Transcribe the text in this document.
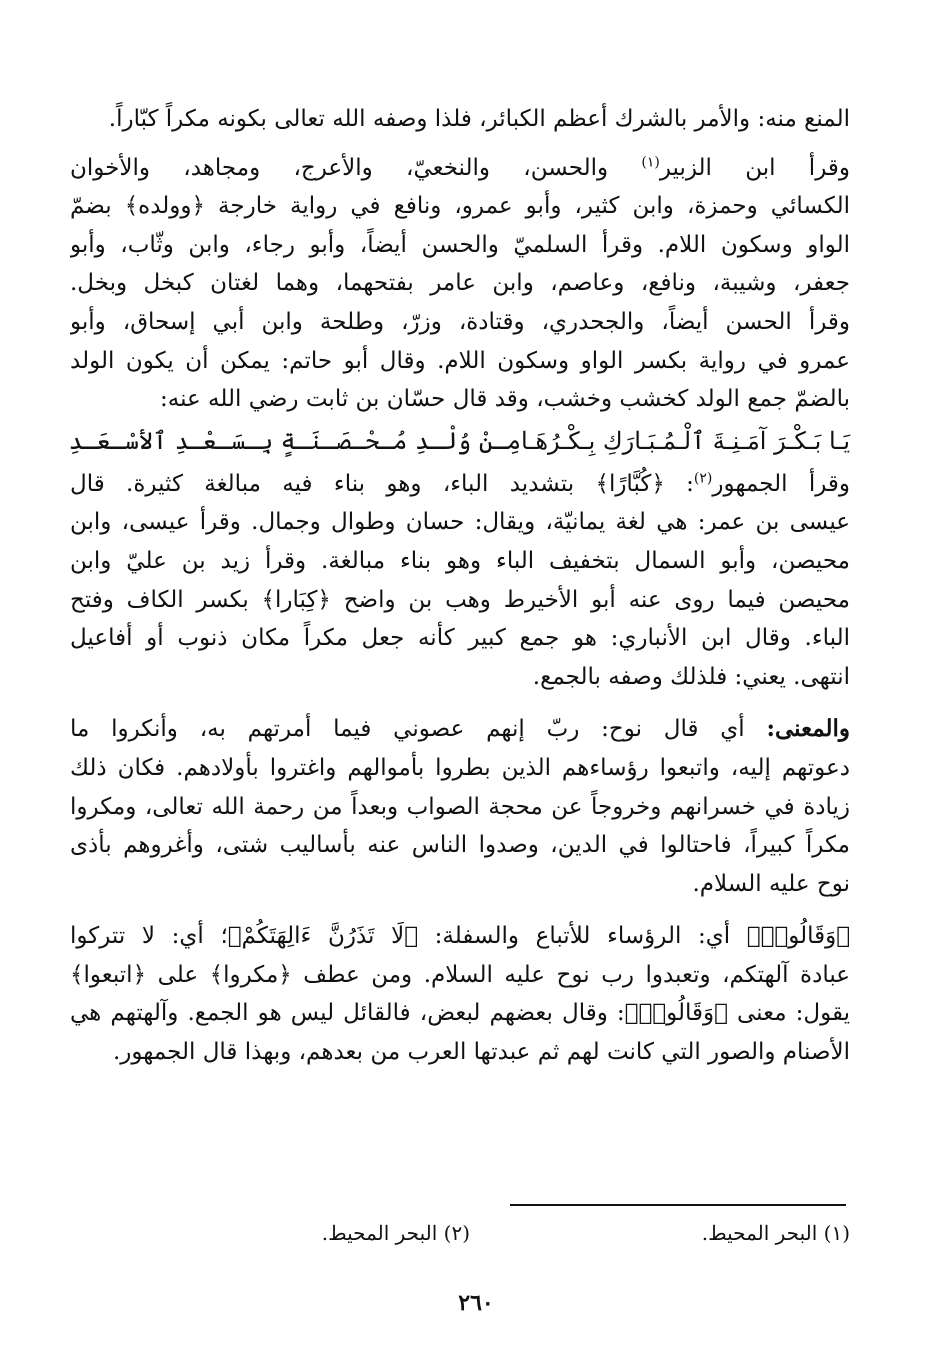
المنع منه: والأمر بالشرك أعظم الكبائر، فلذا وصفه الله تعالى بكونه مكراً كبّاراً.

وقرأ ابن الزبير$^{(١)}$ والحسن، والنخعيّ، والأعرج، ومجاهد، والأخوان
الكسائي وحمزة، وابن كثير، وأبو عمرو، ونافع في رواية خارجة ﴿وولده﴾ بضمّ
الواو وسكون اللام. وقرأ السلميّ والحسن أيضاً، وأبو رجاء، وابن وثّاب، وأبو
جعفر، وشيبة، ونافع، وعاصم، وابن عامر بفتحهما، وهما لغتان كبخل وبخل.
وقرأ الحسن أيضاً، والجحدري، وقتادة، وزرّ، وطلحة وابن أبي إسحاق، وأبو
عمرو في رواية بكسر الواو وسكون اللام. وقال أبو حاتم: يمكن أن يكون الولد
بالضمّ جمع الولد كخشب وخشب، وقد قال حسّان بن ثابت رضي الله عنه:

يَـا بَـكْـرَ آمَـنِـةَ ٱلْـمُـبَـارَكِ بِـكْـرُهَـا
مِـنْ وُلْـدِ مُـحْـصَـنَـةٍ بِـسَـعْـدِ ٱلأسْـعَـدِ

وقرأ الجمهور$^{(٢)}$: ﴿كُبَّارًا﴾ بتشديد الباء، وهو بناء فيه مبالغة كثيرة. قال
عيسى بن عمر: هي لغة يمانيّة، ويقال: حسان وطوال وجمال. وقرأ عيسى، وابن
محيصن، وأبو السمال بتخفيف الباء وهو بناء مبالغة. وقرأ زيد بن عليّ وابن
محيصن فيما روى عنه أبو الأخيرط وهب بن واضح ﴿كِبَارا﴾ بكسر الكاف وفتح
الباء. وقال ابن الأنباري: هو جمع كبير كأنه جعل مكراً مكان ذنوب أو أفاعيل
انتهى. يعني: فلذلك وصفه بالجمع.

والمعنى: أي قال نوح: ربّ إنهم عصوني فيما أمرتهم به، وأنكروا ما
دعوتهم إليه، واتبعوا رؤساءهم الذين بطروا بأموالهم واغتروا بأولادهم. فكان ذلك
زيادة في خسرانهم وخروجاً عن محجة الصواب وبعداً من رحمة الله تعالى، ومكروا
مكراً كبيراً، فاحتالوا في الدين، وصدوا الناس عنه بأساليب شتى، وأغروهم بأذى
نوح عليه السلام.

﴿وَقَالُوا۟﴾ أي: الرؤساء للأتباع والسفلة: ﴿لَا تَذَرُنَّ ءَالِهَتَكُمْ﴾؛ أي: لا تتركوا
عبادة آلهتكم، وتعبدوا رب نوح عليه السلام. ومن عطف ﴿مكروا﴾ على ﴿اتبعوا﴾
يقول: معنى ﴿وَقَالُوا۟﴾: وقال بعضهم لبعض، فالقائل ليس هو الجمع. وآلهتهم هي
الأصنام والصور التي كانت لهم ثم عبدتها العرب من بعدهم، وبهذا قال الجمهور.

(١) البحر المحيط.
(٢) البحر المحيط.
٢٦٠
